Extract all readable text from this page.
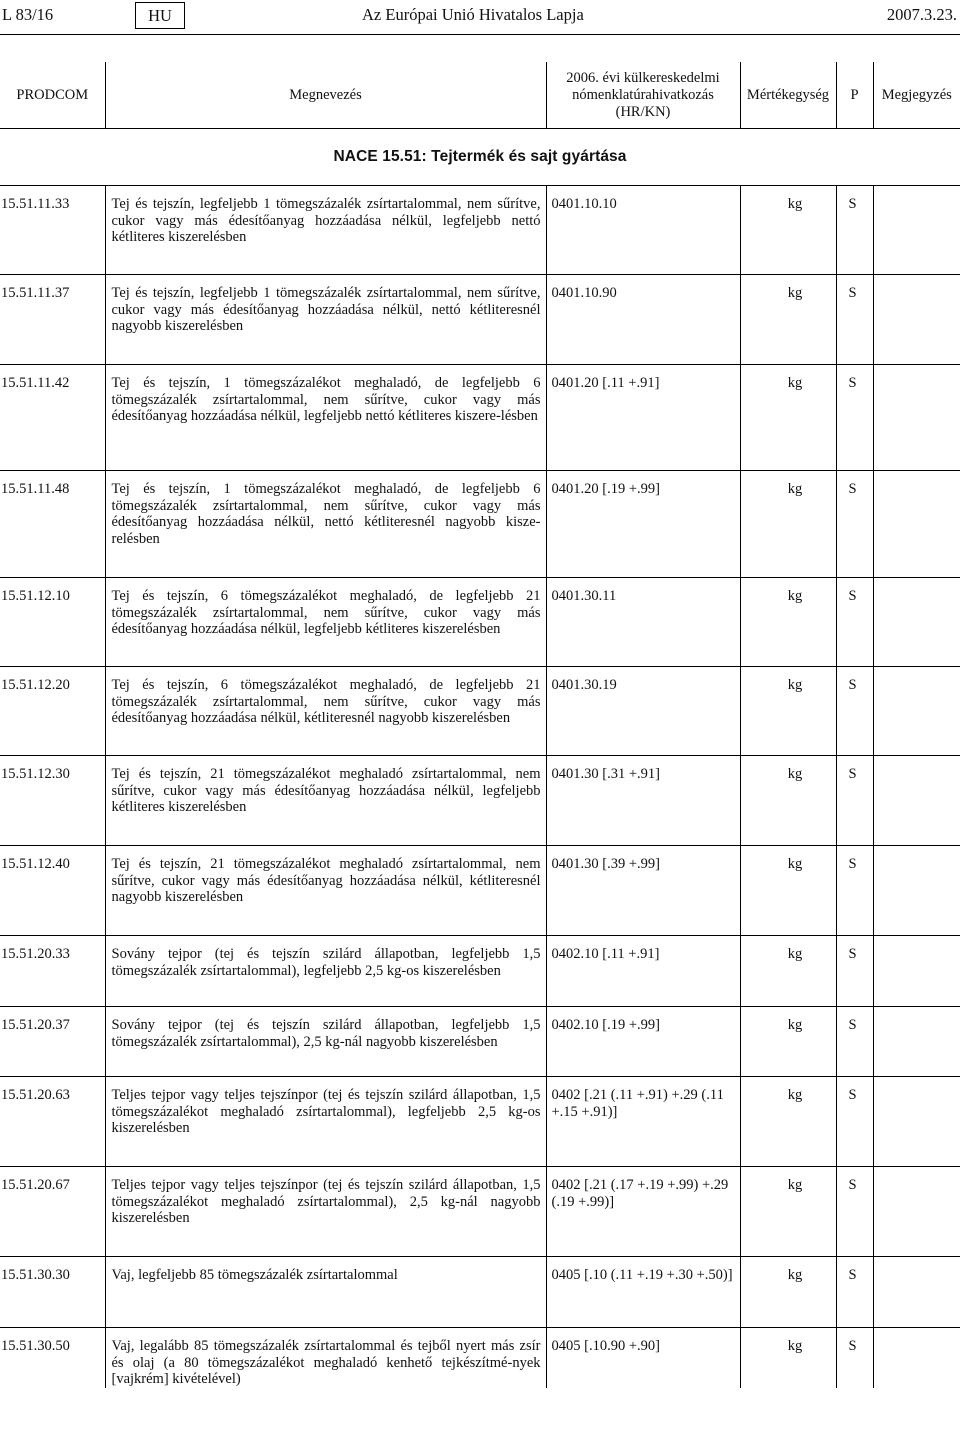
L 83/16	HU	Az Európai Unió Hivatalos Lapja	2007.3.23.
PRODCOM	Megnevezés	2006. évi külkereskedelmi
nómenklatúrahivatkozás
(HR/KN)	Mértékegység	P	Megjegyzés
NACE 15.51: Tejtermék és sajt gyártása					

15.51.11.33	Tej és tejszín, legfeljebb 1 tömegszázalék zsírtartalommal, nem sűrítve, cukor vagy más édesítőanyag hozzáadása nélkül, legfeljebb nettó kétliteres kiszerelésben	0401.10.10	kg	S	

15.51.11.37	Tej és tejszín, legfeljebb 1 tömegszázalék zsírtartalommal, nem sűrítve, cukor vagy más édesítőanyag hozzáadása nélkül, nettó kétliteresnél nagyobb kiszerelésben	0401.10.90	kg	S	

15.51.11.42	Tej és tejszín, 1 tömegszázalékot meghaladó, de legfeljebb 6 tömegszázalék zsírtartalommal, nem sűrítve, cukor vagy más édesítőanyag hozzáadása nélkül, legfeljebb nettó kétliteres kiszere-lésben	0401.20 [.11 +.91]	kg	S	

15.51.11.48	Tej és tejszín, 1 tömegszázalékot meghaladó, de legfeljebb 6 tömegszázalék zsírtartalommal, nem sűrítve, cukor vagy más édesítőanyag hozzáadása nélkül, nettó kétliteresnél nagyobb kisze-relésben	0401.20 [.19 +.99]	kg	S	

15.51.12.10	Tej és tejszín, 6 tömegszázalékot meghaladó, de legfeljebb 21 tömegszázalék zsírtartalommal, nem sűrítve, cukor vagy más édesítőanyag hozzáadása nélkül, legfeljebb kétliteres kiszerelésben	0401.30.11	kg	S	

15.51.12.20	Tej és tejszín, 6 tömegszázalékot meghaladó, de legfeljebb 21 tömegszázalék zsírtartalommal, nem sűrítve, cukor vagy más édesítőanyag hozzáadása nélkül, kétliteresnél nagyobb kiszerelésben	0401.30.19	kg	S	

15.51.12.30	Tej és tejszín, 21 tömegszázalékot meghaladó zsírtartalommal, nem sűrítve, cukor vagy más édesítőanyag hozzáadása nélkül, legfeljebb kétliteres kiszerelésben	0401.30 [.31 +.91]	kg	S	

15.51.12.40	Tej és tejszín, 21 tömegszázalékot meghaladó zsírtartalommal, nem sűrítve, cukor vagy más édesítőanyag hozzáadása nélkül, kétliteresnél nagyobb kiszerelésben	0401.30 [.39 +.99]	kg	S	

15.51.20.33	Sovány tejpor (tej és tejszín szilárd állapotban, legfeljebb 1,5 tömegszázalék zsírtartalommal), legfeljebb 2,5 kg-os kiszerelésben	0402.10 [.11 +.91]	kg	S	

15.51.20.37	Sovány tejpor (tej és tejszín szilárd állapotban, legfeljebb 1,5 tömegszázalék zsírtartalommal), 2,5 kg-nál nagyobb kiszerelésben	0402.10 [.19 +.99]	kg	S	

15.51.20.63	Teljes tejpor vagy teljes tejszínpor (tej és tejszín szilárd állapotban, 1,5 tömegszázalékot meghaladó zsírtartalommal), legfeljebb 2,5 kg-os kiszerelésben	0402 [.21 (.11 +.91) +.29 (.11 +.15 +.91)]	kg	S	

15.51.20.67	Teljes tejpor vagy teljes tejszínpor (tej és tejszín szilárd állapotban, 1,5 tömegszázalékot meghaladó zsírtartalommal), 2,5 kg-nál nagyobb kiszerelésben	0402 [.21 (.17 +.19 +.99) +.29 (.19 +.99)]	kg	S	

15.51.30.30	Vaj, legfeljebb 85 tömegszázalék zsírtartalommal	0405 [.10 (.11 +.19 +.30 +.50)]	kg	S	

15.51.30.50	Vaj, legalább 85 tömegszázalék zsírtartalommal és tejből nyert más zsír és olaj (a 80 tömegszázalékot meghaladó kenhető tejkészítmé-nyek [vajkrém] kivételével)	0405 [.10.90 +.90]	kg	S	
